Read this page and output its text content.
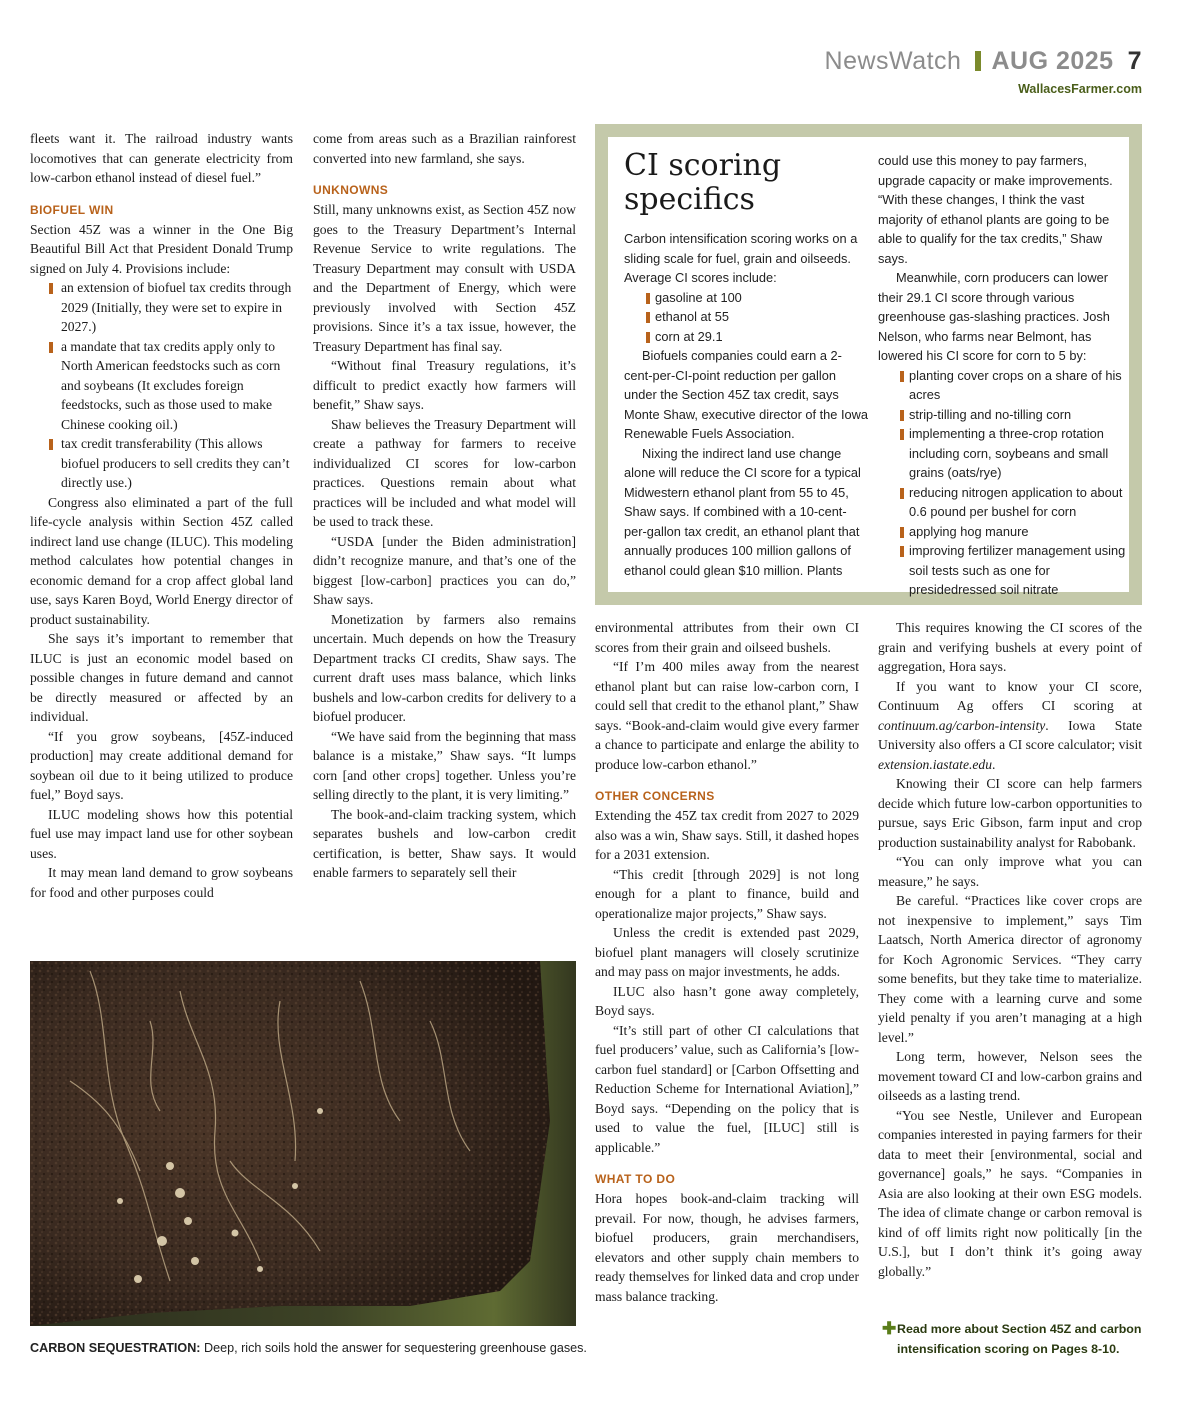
NewsWatch AUG 2025 7
WallacesFarmer.com

fleets want it. The railroad industry wants locomotives that can generate electricity from low-carbon ethanol instead of diesel fuel.”

BIOFUEL WIN

Section 45Z was a winner in the One Big Beautiful Bill Act that President Donald Trump signed on July 4. Provisions include:

an extension of biofuel tax credits through 2029 (Initially, they were set to expire in 2027.)
a mandate that tax credits apply only to North American feedstocks such as corn and soybeans (It excludes foreign feedstocks, such as those used to make Chinese cooking oil.)
tax credit transferability (This allows biofuel producers to sell credits they can’t directly use.)

Congress also eliminated a part of the full life-cycle analysis within Section 45Z called indirect land use change (ILUC). This modeling method calculates how potential changes in economic demand for a crop affect global land use, says Karen Boyd, World Energy director of product sustainability.

She says it’s important to remember that ILUC is just an economic model based on possible changes in future demand and cannot be directly measured or affected by an individual.

“If you grow soybeans, [45Z-induced production] may create additional demand for soybean oil due to it being utilized to produce fuel,” Boyd says.

ILUC modeling shows how this potential fuel use may impact land use for other soybean uses.

It may mean land demand to grow soybeans for food and other purposes could

come from areas such as a Brazilian rainforest converted into new farmland, she says.

UNKNOWNS

Still, many unknowns exist, as Section 45Z now goes to the Treasury Department’s Internal Revenue Service to write regulations. The Treasury Department may consult with USDA and the Department of Energy, which were previously involved with Section 45Z provisions. Since it’s a tax issue, however, the Treasury Department has final say.

“Without final Treasury regulations, it’s difficult to predict exactly how farmers will benefit,” Shaw says.

Shaw believes the Treasury Department will create a pathway for farmers to receive individualized CI scores for low-carbon practices. Questions remain about what practices will be included and what model will be used to track these.

“USDA [under the Biden administration] didn’t recognize manure, and that’s one of the biggest [low-carbon] practices you can do,” Shaw says.

Monetization by farmers also remains uncertain. Much depends on how the Treasury Department tracks CI credits, Shaw says. The current draft uses mass balance, which links bushels and low-carbon credits for delivery to a biofuel producer.

“We have said from the beginning that mass balance is a mistake,” Shaw says. “It lumps corn [and other crops] together. Unless you’re selling directly to the plant, it is very limiting.”

The book-and-claim tracking system, which separates bushels and low-carbon credit certification, is better, Shaw says. It would enable farmers to separately sell their

CI scoring specifics

Carbon intensification scoring works on a sliding scale for fuel, grain and oilseeds. Average CI scores include:

gasoline at 100
ethanol at 55
corn at 29.1

Biofuels companies could earn a 2-cent-per-CI-point reduction per gallon under the Section 45Z tax credit, says Monte Shaw, executive director of the Iowa Renewable Fuels Association.

Nixing the indirect land use change alone will reduce the CI score for a typical Midwestern ethanol plant from 55 to 45, Shaw says. If combined with a 10-cent-per-gallon tax credit, an ethanol plant that annually produces 100 million gallons of ethanol could glean $10 million. Plants

could use this money to pay farmers, upgrade capacity or make improvements. “With these changes, I think the vast majority of ethanol plants are going to be able to qualify for the tax credits,” Shaw says.

Meanwhile, corn producers can lower their 29.1 CI score through various greenhouse gas-slashing practices. Josh Nelson, who farms near Belmont, has lowered his CI score for corn to 5 by:

planting cover crops on a share of his acres
strip-tilling and no-tilling corn
implementing a three-crop rotation including corn, soybeans and small grains (oats/rye)
reducing nitrogen application to about 0.6 pound per bushel for corn
applying hog manure
improving fertilizer management using soil tests such as one for presidedressed soil nitrate

environmental attributes from their own CI scores from their grain and oilseed bushels.

“If I’m 400 miles away from the nearest ethanol plant but can raise low-carbon corn, I could sell that credit to the ethanol plant,” Shaw says. “Book-and-claim would give every farmer a chance to participate and enlarge the ability to produce low-carbon ethanol.”

OTHER CONCERNS

Extending the 45Z tax credit from 2027 to 2029 also was a win, Shaw says. Still, it dashed hopes for a 2031 extension.

“This credit [through 2029] is not long enough for a plant to finance, build and operationalize major projects,” Shaw says.

Unless the credit is extended past 2029, biofuel plant managers will closely scrutinize and may pass on major investments, he adds.

ILUC also hasn’t gone away completely, Boyd says.

“It’s still part of other CI calculations that fuel producers’ value, such as California’s [low-carbon fuel standard] or [Carbon Offsetting and Reduction Scheme for International Aviation],” Boyd says. “Depending on the policy that is used to value the fuel, [ILUC] still is applicable.”

WHAT TO DO

Hora hopes book-and-claim tracking will prevail. For now, though, he advises farmers, biofuel producers, grain merchandisers, elevators and other supply chain members to ready themselves for linked data and crop under mass balance tracking.

This requires knowing the CI scores of the grain and verifying bushels at every point of aggregation, Hora says.

If you want to know your CI score, Continuum Ag offers CI scoring at continuum.ag/carbon-intensity. Iowa State University also offers a CI score calculator; visit extension.iastate.edu.

Knowing their CI score can help farmers decide which future low-carbon opportunities to pursue, says Eric Gibson, farm input and crop production sustainability analyst for Rabobank.

“You can only improve what you can measure,” he says.

Be careful. “Practices like cover crops are not inexpensive to implement,” says Tim Laatsch, North America director of agronomy for Koch Agronomic Services. “They carry some benefits, but they take time to materialize. They come with a learning curve and some yield penalty if you aren’t managing at a high level.”

Long term, however, Nelson sees the movement toward CI and low-carbon grains and oilseeds as a lasting trend.

“You see Nestle, Unilever and European companies interested in paying farmers for their data to meet their [environmental, social and governance] goals,” he says. “Companies in Asia are also looking at their own ESG models. The idea of climate change or carbon removal is kind of off limits right now politically [in the U.S.], but I don’t think it’s going away globally.”

CARBON SEQUESTRATION: Deep, rich soils hold the answer for sequestering greenhouse gases.
✚ Read more about Section 45Z and carbon intensification scoring on Pages 8-10.
